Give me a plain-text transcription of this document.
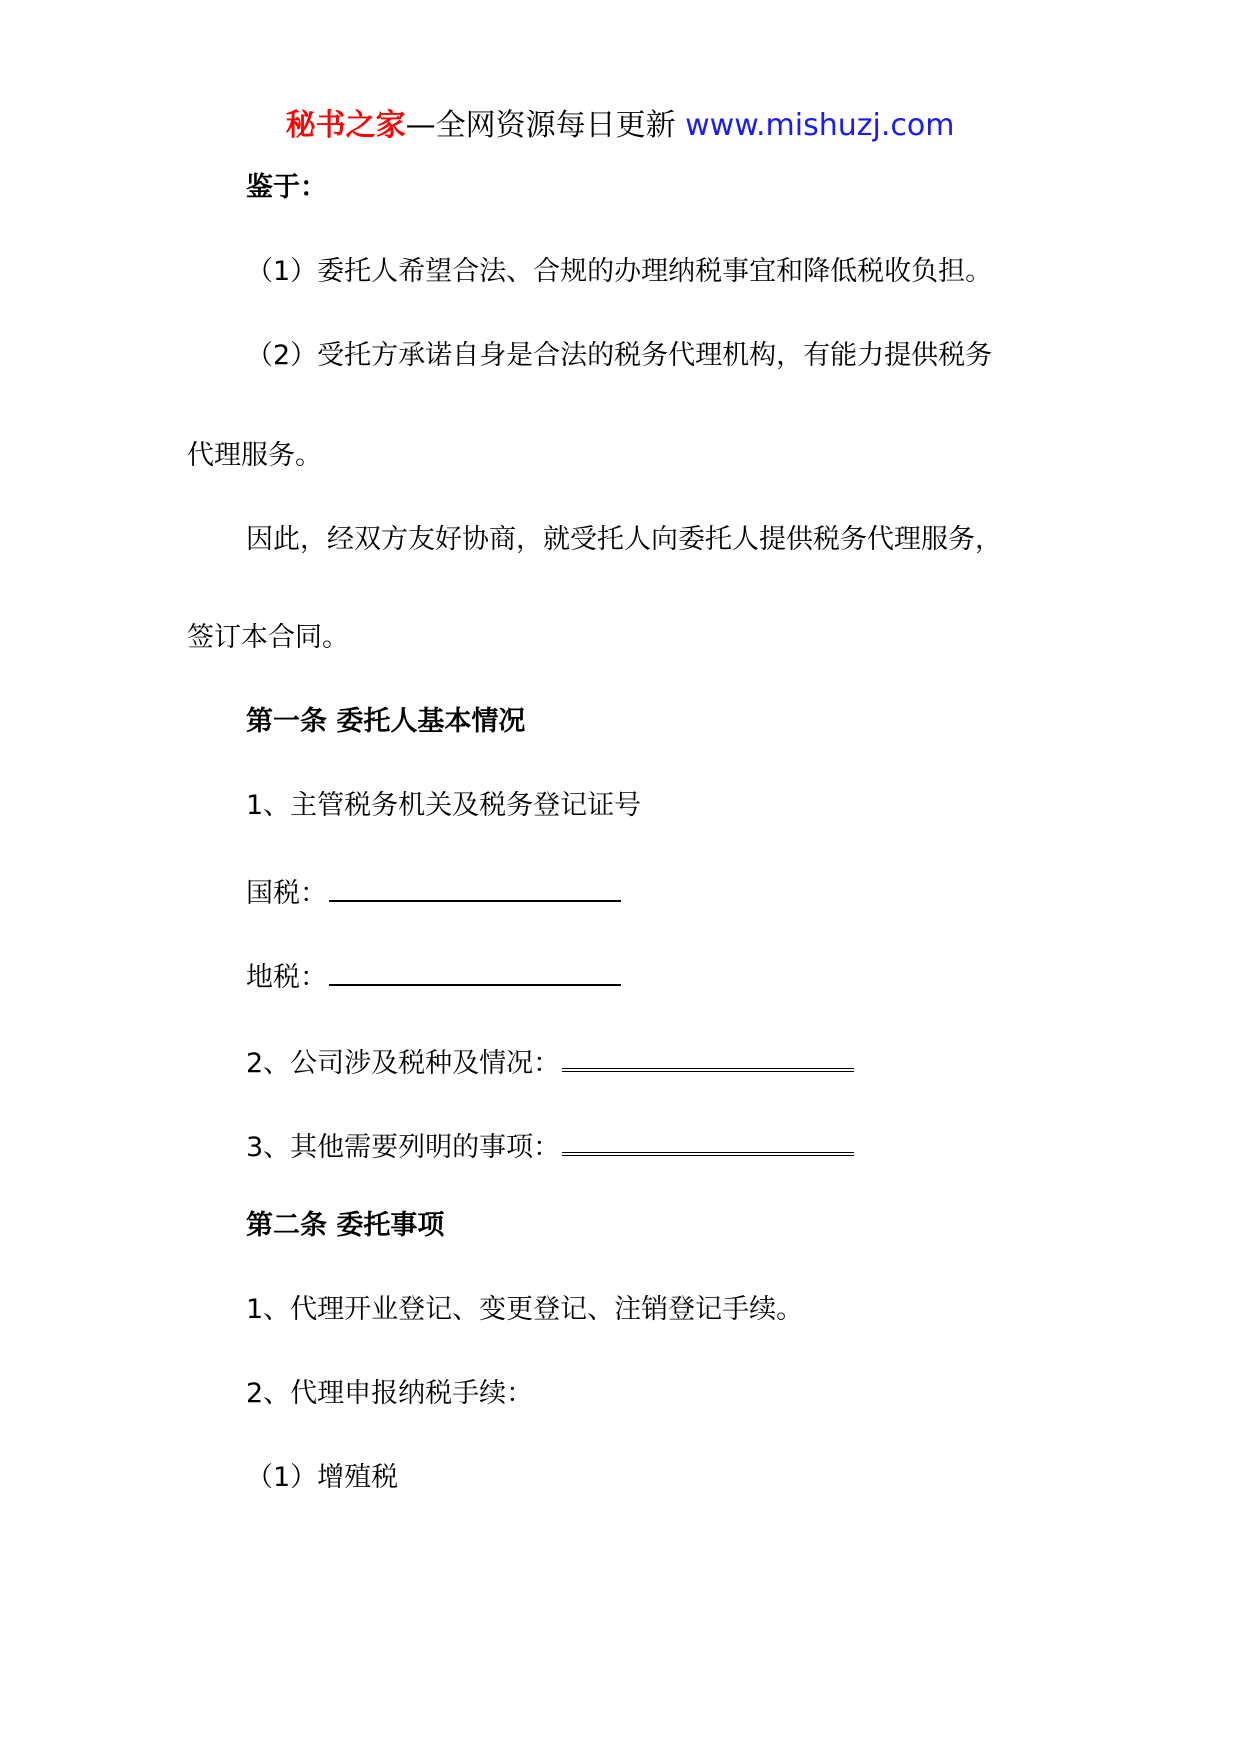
秘书之家—全网资源每日更新 www.mishuzj.com
鉴于：
（1）委托人希望合法、合规的办理纳税事宜和降低税收负担。
（2）受托方承诺自身是合法的税务代理机构，有能力提供税务
代理服务。
因此，经双方友好协商，就受托人向委托人提供税务代理服务，
签订本合同。
第一条 委托人基本情况
1、主管税务机关及税务登记证号
国税：
地税：
2、公司涉及税种及情况：
3、其他需要列明的事项：
第二条 委托事项
1、代理开业登记、变更登记、注销登记手续。
2、代理申报纳税手续：
（1）增殖税
